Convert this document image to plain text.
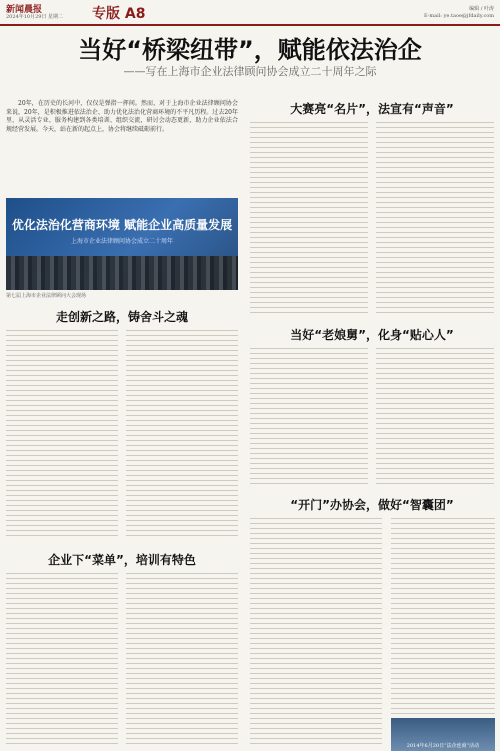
新闻晨报
2024年10月29日 星期二 专版 A8	编辑 / 叶涛
E-mail: ye.taoe@jfdaily.com
当好“桥梁纽带”，赋能依法治企
——写在上海市企业法律顾问协会成立二十周年之际
20年，在历史的长河中，仅仅是弹指一挥间。然而，对于上海市企业法律顾问协会来说，20年，是积极推进依法治企、助力优化法治化营商环境的不平凡历程。过去20年里，从灵活专业、服务构建到各类培训、组织交流，研讨会动态更新，助力企业依法合规经营发展。今天，站在新的起点上，协会将继续砥砺前行。
优化法治化营商环境 赋能企业高质量发展
上海市企业法律顾问协会成立二十周年
第七届上海市企业法律顾问大会现场
大赛亮“名片”，法宣有“声音”
走创新之路，铸舍斗之魂
当好“老娘舅”，化身“贴心人”
企业下“菜单”，培训有特色
“开门”办协会，做好“智囊团”
2014年6月20日“法企连商”活动
